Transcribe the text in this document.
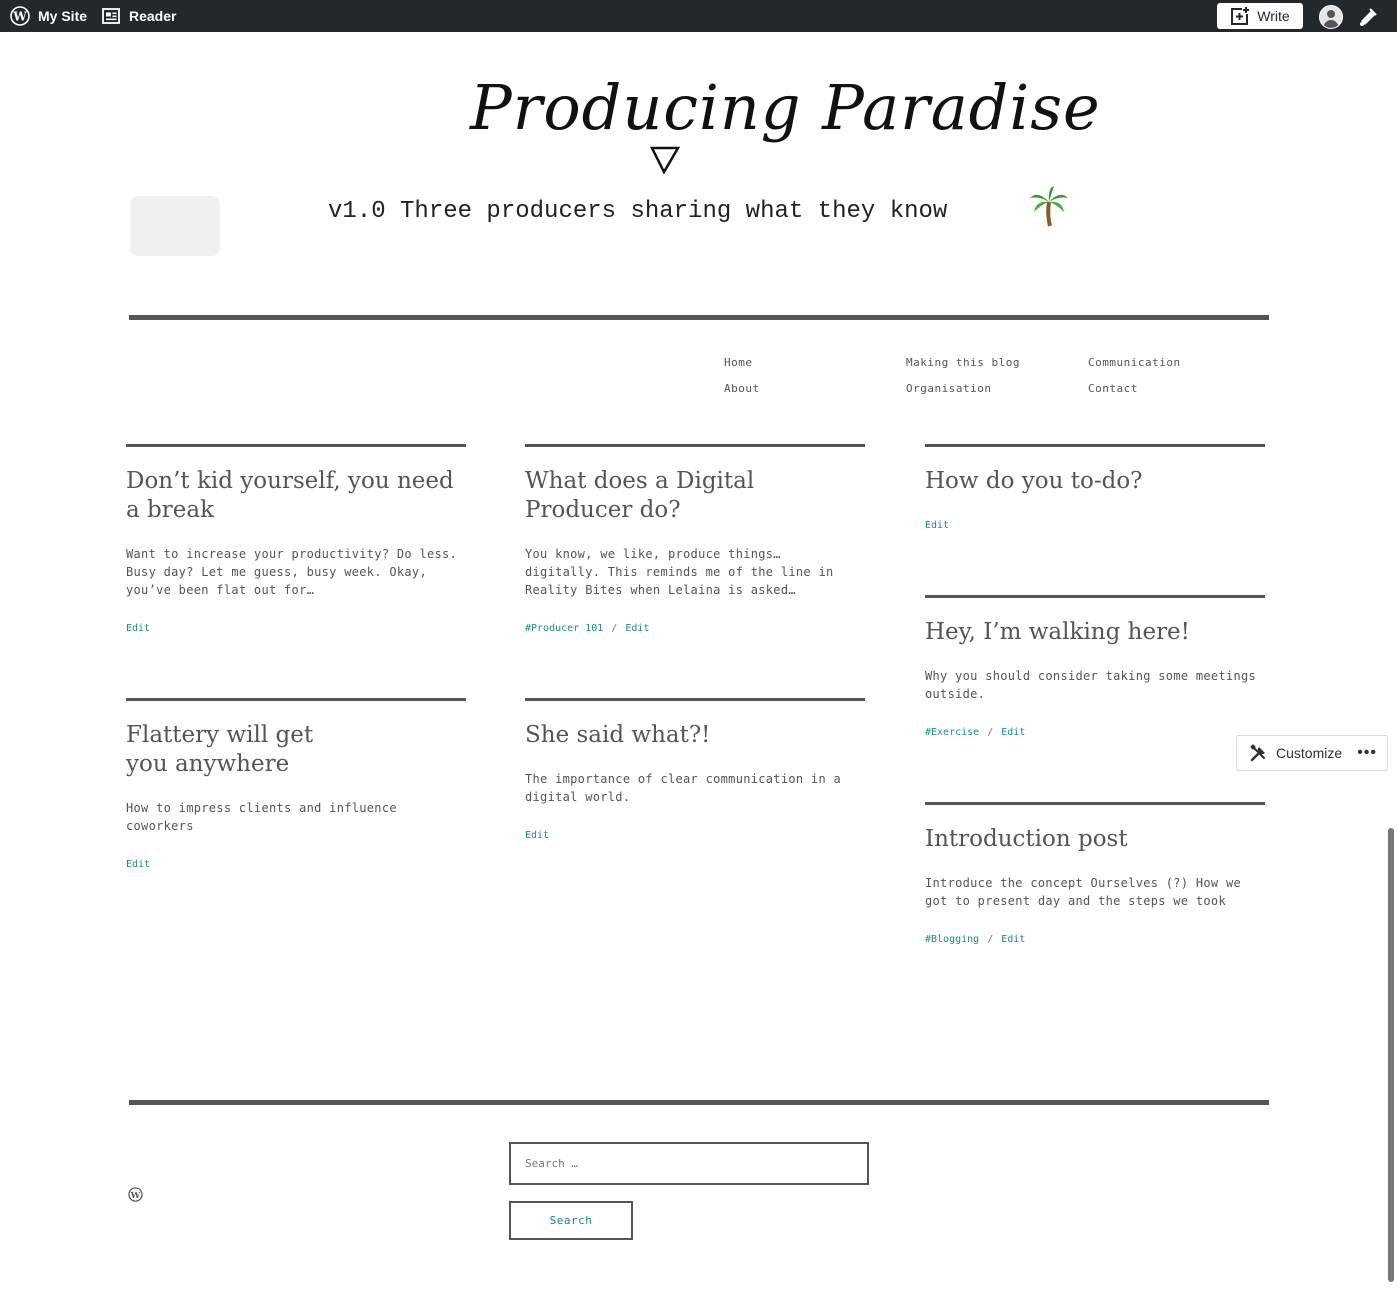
W My Site	Reader	Write
Producing Paradise
v1.0 Three producers sharing what they know
Home	Making this blog	Communication
About	Organisation	Contact
Don’t kid yourself, you need
a break

Want to increase your productivity? Do less.
Busy day? Let me guess, busy week. Okay,
you’ve been flat out for…

Edit
What does a Digital
Producer do?

You know, we like, produce things…
digitally. This reminds me of the line in
Reality Bites when Lelaina is asked…

#Producer 101 / Edit
How do you to-do?
Edit
Hey, I’m walking here!

Why you should consider taking some meetings
outside.

#Exercise / Edit
Flattery will get
you anywhere

How to impress clients and influence
coworkers

Edit
She said what?!

The importance of clear communication in a
digital world.

Edit	Introduction post

Introduce the concept Ourselves (?) How we
got to present day and the steps we took

#Blogging / Edit
Customize •••
W
Search …
Search
